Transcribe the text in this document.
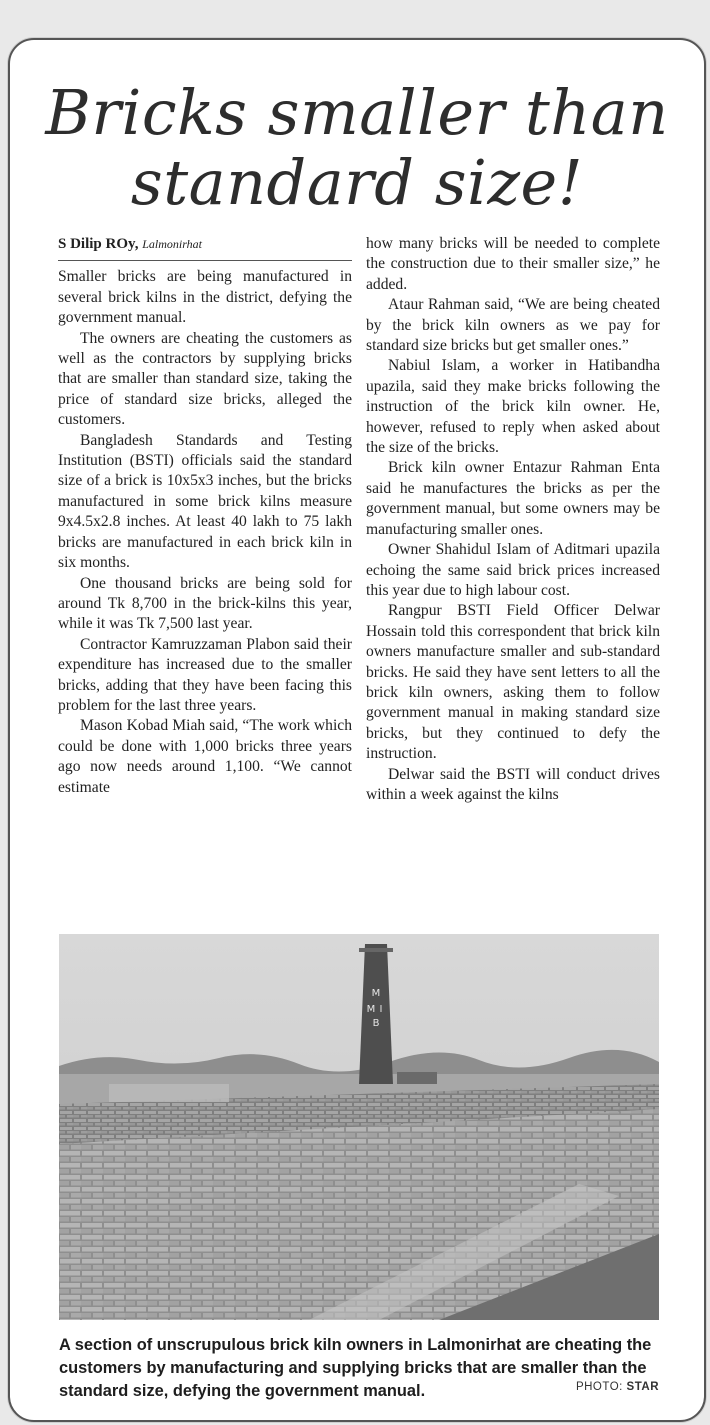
Bricks smaller than
standard size!
S Dilip ROy, Lalmonirhat

Smaller bricks are being manufactured in several brick kilns in the district, defying the government manual.

The owners are cheating the customers as well as the contractors by supplying bricks that are smaller than standard size, taking the price of standard size bricks, alleged the customers.

Bangladesh Standards and Testing Institution (BSTI) officials said the standard size of a brick is 10x5x3 inches, but the bricks manufactured in some brick kilns measure 9x4.5x2.8 inches. At least 40 lakh to 75 lakh bricks are manufactured in each brick kiln in six months.

One thousand bricks are being sold for around Tk 8,700 in the brick-kilns this year, while it was Tk 7,500 last year.

Contractor Kamruzzaman Plabon said their expenditure has increased due to the smaller bricks, adding that they have been facing this problem for the last three years.

Mason Kobad Miah said, “The work which could be done with 1,000 bricks three years ago now needs around 1,100. “We cannot estimate

how many bricks will be needed to complete the construction due to their smaller size,” he added.

Ataur Rahman said, “We are being cheated by the brick kiln owners as we pay for standard size bricks but get smaller ones.”

Nabiul Islam, a worker in Hatibandha upazila, said they make bricks following the instruction of the brick kiln owner. He, however, refused to reply when asked about the size of the bricks.

Brick kiln owner Entazur Rahman Enta said he manufactures the bricks as per the government manual, but some owners may be manufacturing smaller ones.

Owner Shahidul Islam of Aditmari upazila echoing the same said brick prices increased this year due to high labour cost.

Rangpur BSTI Field Officer Delwar Hossain told this correspondent that brick kiln owners manufacture smaller and sub-standard bricks. He said they have sent letters to all the brick kiln owners, asking them to follow government manual in making standard size bricks, but they continued to defy the instruction.

Delwar said the BSTI will conduct drives within a week against the kilns

M
M I
B
A section of unscrupulous brick kiln owners in Lalmonirhat are cheating the customers by manufacturing and supplying bricks that are smaller than the standard size, defying the government manual.	PHOTO: STAR
